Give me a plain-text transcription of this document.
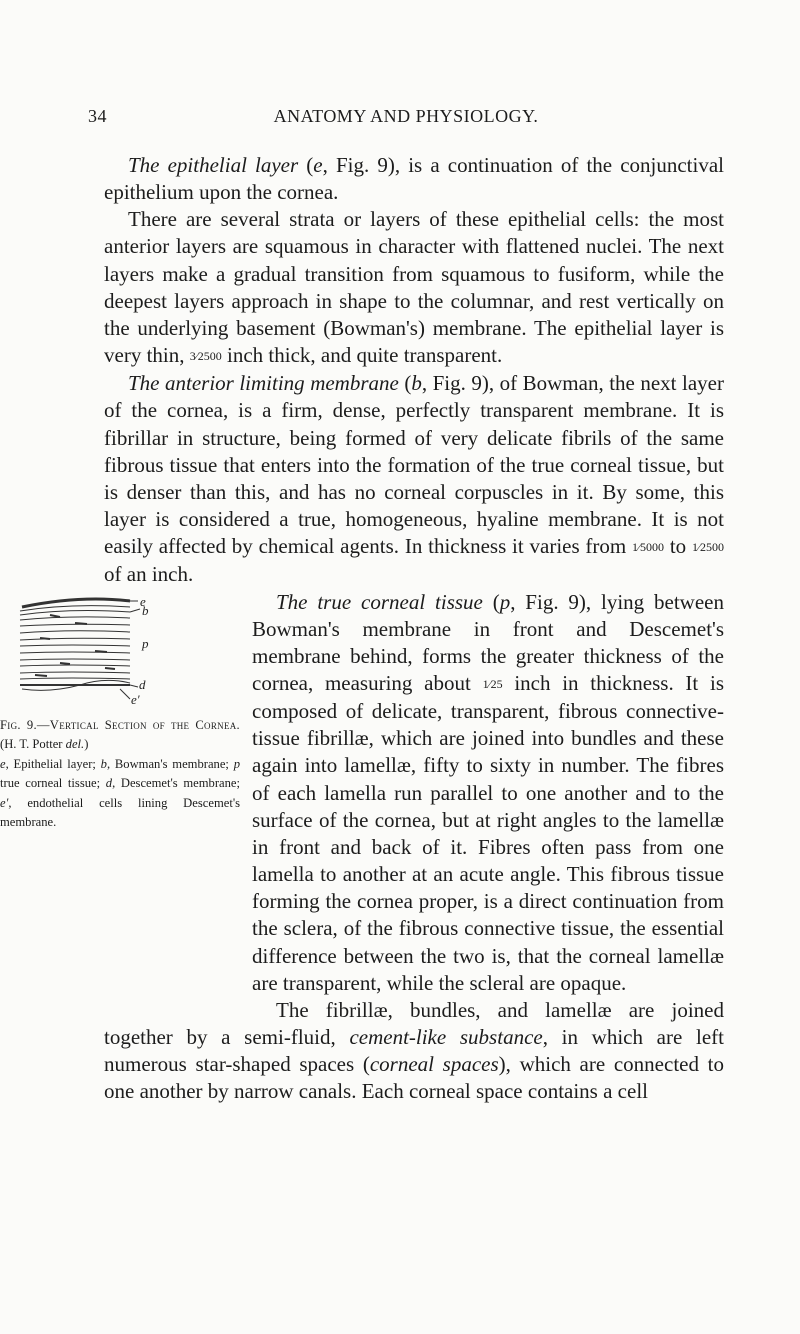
34	ANATOMY AND PHYSIOLOGY.

The epithelial layer (e, Fig. 9), is a continuation of the conjunctival epithelium upon the cornea.

There are several strata or layers of these epithelial cells: the most anterior layers are squamous in character with flattened nuclei. The next layers make a gradual transition from squamous to fusiform, while the deepest layers approach in shape to the columnar, and rest vertically on the underlying basement (Bowman's) membrane. The epithelial layer is very thin, 3⁄2500 inch thick, and quite transparent.

The anterior limiting membrane (b, Fig. 9), of Bowman, the next layer of the cornea, is a firm, dense, perfectly transparent membrane. It is fibrillar in structure, being formed of very delicate fibrils of the same fibrous tissue that enters into the formation of the true corneal tissue, but is denser than this, and has no corneal corpuscles in it. By some, this layer is considered a true, homogeneous, hyaline membrane. It is not easily affected by chemical agents. In thickness it varies from 1⁄5000 to 1⁄2500 of an inch.

e
b
p
d
e′
Fig. 9.—Vertical Section of the Cornea. (H. T. Potter del.)
e, Epithelial layer; b, Bowman's membrane; p true corneal tissue; d, Descemet's membrane; e′, endothelial cells lining Descemet's membrane.

The true corneal tissue (p, Fig. 9), lying between Bowman's membrane in front and Descemet's membrane behind, forms the greater thickness of the cornea, measuring about 1⁄25 inch in thickness. It is composed of delicate, transparent, fibrous connective-tissue fibrillæ, which are joined into bundles and these again into lamellæ, fifty to sixty in number. The fibres of each lamella run parallel to one another and to the surface of the cornea, but at right angles to the lamellæ in front and back of it. Fibres often pass from one lamella to another at an acute angle. This fibrous tissue forming the cornea proper, is a direct continuation from the sclera, of the fibrous connective tissue, the essential difference between the two is, that the corneal lamellæ are transparent, while the scleral are opaque.

The fibrillæ, bundles, and lamellæ are joined together by a semi-fluid, cement-like substance, in which are left numerous star-shaped spaces (corneal spaces), which are connected to one another by narrow canals. Each corneal space contains a cell
